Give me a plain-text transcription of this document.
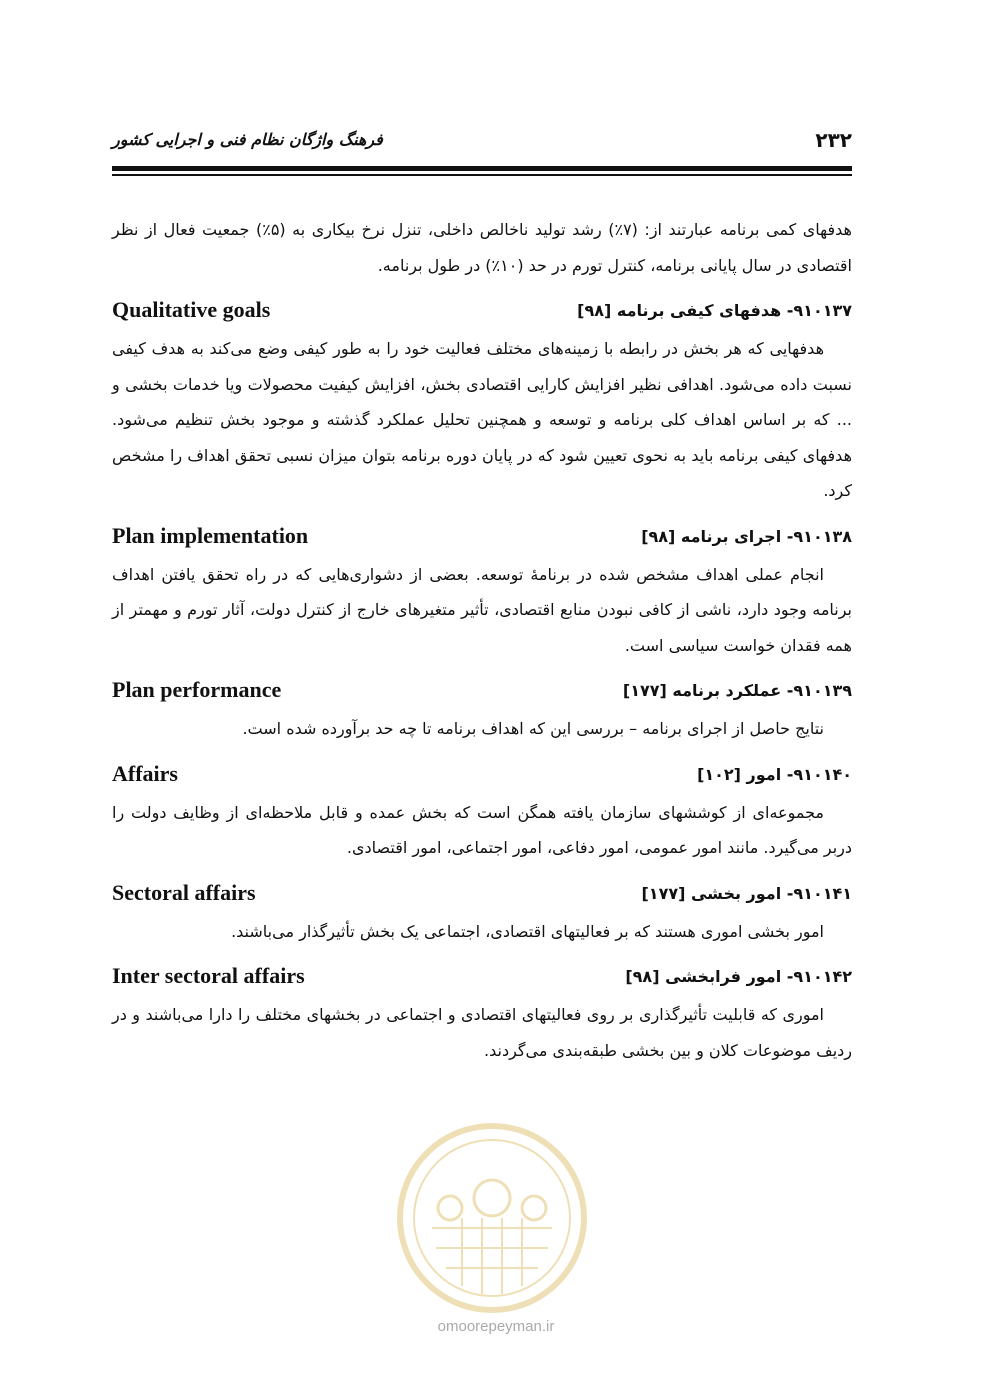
۲۳۲
فرهنگ واژگان نظام فنی و اجرایی کشور

هدفهای کمی برنامه عبارتند از: (۷٪) رشد تولید ناخالص داخلی، تنزل نرخ بیکاری به (۵٪) جمعیت فعال از نظر اقتصادی در سال پایانی برنامه، کنترل تورم در حد (۱۰٪) در طول برنامه.

۹۱۰۱۳۷- هدفهای کیفی برنامه [۹۸]
Qualitative goals

هدفهایی که هر بخش در رابطه با زمینه‌های مختلف فعالیت خود را به طور کیفی وضع می‌کند به هدف کیفی نسبت داده می‌شود. اهدافی نظیر افزایش کارایی اقتصادی بخش، افزایش کیفیت محصولات ویا خدمات بخشی و ... که بر اساس اهداف کلی برنامه و توسعه و همچنین تحلیل عملکرد گذشته و موجود بخش تنظیم می‌شود. هدفهای کیفی برنامه باید به نحوی تعیین شود که در پایان دوره برنامه بتوان میزان نسبی تحقق اهداف را مشخص کرد.

۹۱۰۱۳۸- اجرای برنامه [۹۸]
Plan implementation

انجام عملی اهداف مشخص شده در برنامۀ توسعه. بعضی از دشواری‌هایی که در راه تحقق یافتن اهداف برنامه وجود دارد، ناشی از کافی نبودن منابع اقتصادی، تأثیر متغیرهای خارج از کنترل دولت، آثار تورم و مهمتر از همه فقدان خواست سیاسی است.

۹۱۰۱۳۹- عملکرد برنامه [۱۷۷]
Plan performance

نتایج حاصل از اجرای برنامه – بررسی این که اهداف برنامه تا چه حد برآورده شده است.

۹۱۰۱۴۰- امور [۱۰۲]
Affairs

مجموعه‌ای از کوششهای سازمان یافته همگن است که بخش عمده و قابل ملاحظه‌ای از وظایف دولت را دربر می‌گیرد. مانند امور عمومی، امور دفاعی، امور اجتماعی، امور اقتصادی.

۹۱۰۱۴۱- امور بخشی [۱۷۷]
Sectoral affairs

امور بخشی اموری هستند که بر فعالیتهای اقتصادی، اجتماعی یک بخش تأثیرگذار می‌باشند.

۹۱۰۱۴۲- امور فرابخشی [۹۸]
Inter sectoral affairs

اموری که قابلیت تأثیرگذاری بر روی فعالیتهای اقتصادی و اجتماعی در بخشهای مختلف را دارا می‌باشند و در ردیف موضوعات کلان و بین بخشی طبقه‌بندی می‌گردند.

omoorepeyman.ir
